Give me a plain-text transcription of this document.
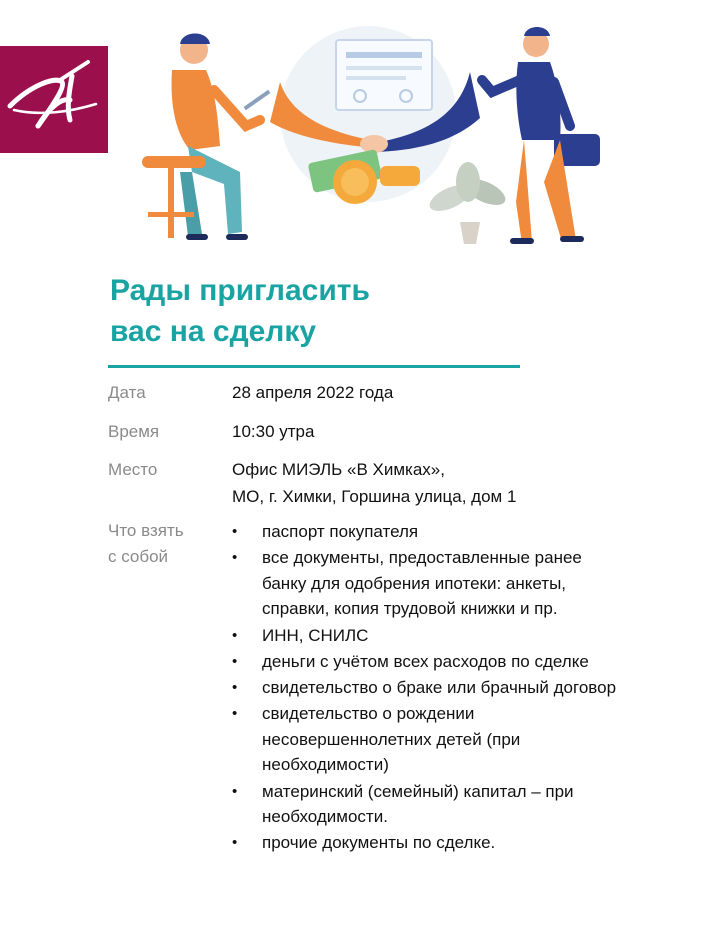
Миэль
Рады пригласить
вас на сделку
Дата	28 апреля 2022 года
Время	10:30 утра
Место	Офис МИЭЛЬ «В Химках»,
МО, г. Химки, Горшина улица, дом 1
Что взять
с собой
• паспорт покупателя
• все документы, предоставленные ранее
банку для одобрения ипотеки: анкеты,
справки, копия трудовой книжки и пр.
• ИНН, СНИЛС
• деньги с учётом всех расходов по сделке
• свидетельство о браке или брачный договор
• свидетельство о рождении
несовершеннолетних детей (при
необходимости)
• материнский (семейный) капитал – при
необходимости.
• прочие документы по сделке.
